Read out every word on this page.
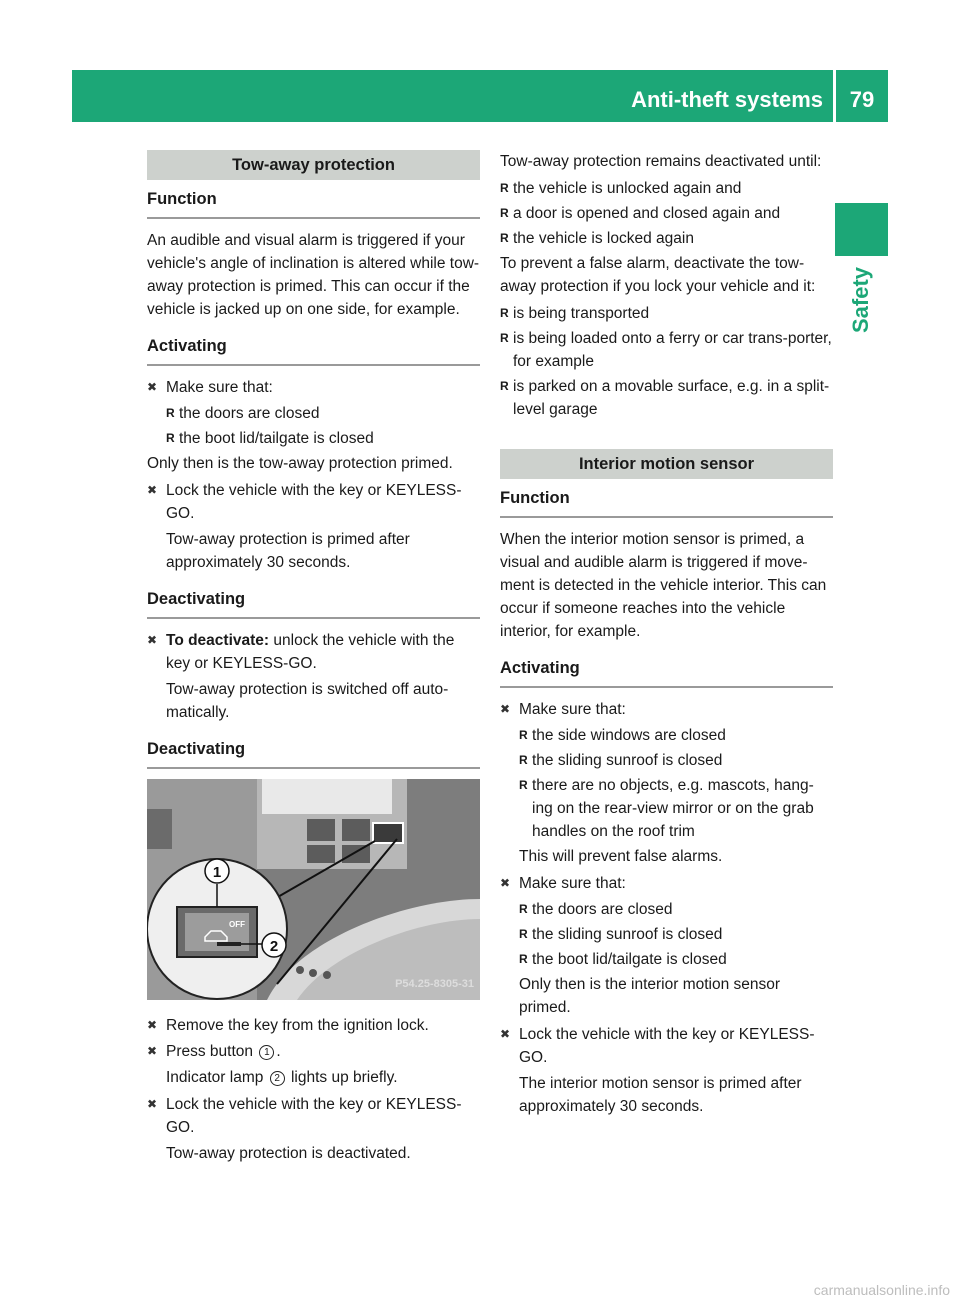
Anti-theft systems	79
Safety
Tow-away protection
Function

An audible and visual alarm is triggered if your vehicle's angle of inclination is altered while tow-away protection is primed. This can occur if the vehicle is jacked up on one side, for example.

Activating
✖ Make sure that:
R the doors are closed
R the boot lid/tailgate is closed
Only then is the tow-away protection primed.
✖ Lock the vehicle with the key or KEYLESS-GO.
Tow-away protection is primed after approximately 30 seconds.
Deactivating
✖ To deactivate: unlock the vehicle with the key or KEYLESS-GO.
Tow-away protection is switched off auto-matically.
Deactivating
OFF
1
2
P54.25-8305-31
✖ Remove the key from the ignition lock.
✖ Press button 1 .
Indicator lamp 2 lights up briefly.
✖ Lock the vehicle with the key or KEYLESS-GO.
Tow-away protection is deactivated.
Tow-away protection remains deactivated until:
R the vehicle is unlocked again and
R a door is opened and closed again and
R the vehicle is locked again
To prevent a false alarm, deactivate the tow-away protection if you lock your vehicle and it:
R is being transported
R is being loaded onto a ferry or car trans-porter, for example
R is parked on a movable surface, e.g. in a split-level garage
Interior motion sensor
Function

When the interior motion sensor is primed, a visual and audible alarm is triggered if move-ment is detected in the vehicle interior. This can occur if someone reaches into the vehicle interior, for example.

Activating
✖ Make sure that:
R the side windows are closed
R the sliding sunroof is closed
R there are no objects, e.g. mascots, hang-ing on the rear-view mirror or on the grab handles on the roof trim
This will prevent false alarms.
✖ Make sure that:
R the doors are closed
R the sliding sunroof is closed
R the boot lid/tailgate is closed
Only then is the interior motion sensor primed.
✖ Lock the vehicle with the key or KEYLESS-GO.
The interior motion sensor is primed after approximately 30 seconds.
carmanualsonline.info
